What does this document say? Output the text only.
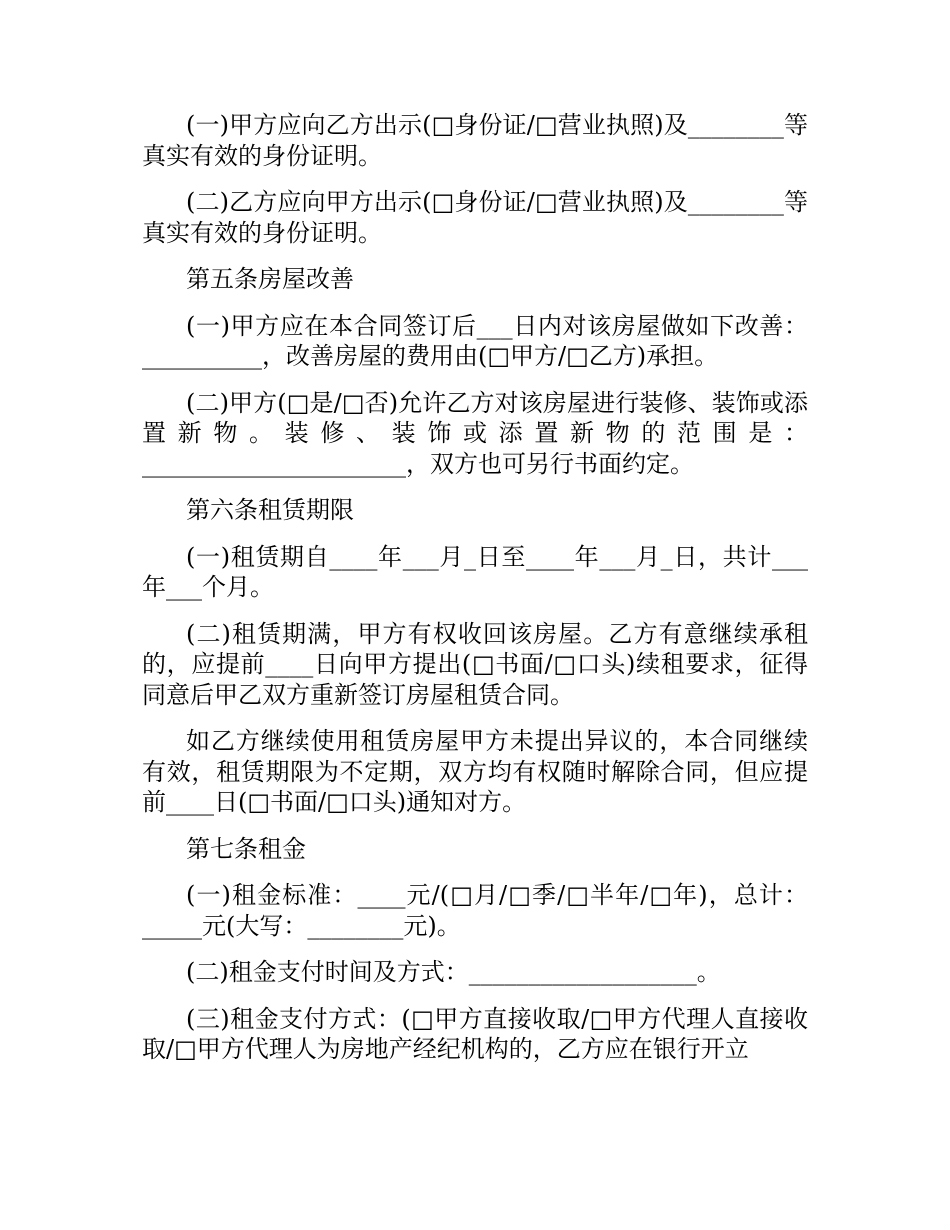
(一)甲方应向乙方出示(□身份证/□营业执照)及________等真实有效的身份证明。

(二)乙方应向甲方出示(□身份证/□营业执照)及________等真实有效的身份证明。

第五条房屋改善

(一)甲方应在本合同签订后___日内对该房屋做如下改善：__________，改善房屋的费用由(□甲方/□乙方)承担。

(二)甲方(□是/□否)允许乙方对该房屋进行装修、装饰或添置新物。装修、装饰或添置新物的范围是：______________________，双方也可另行书面约定。

第六条租赁期限

(一)租赁期自____年___月_日至____年___月_日，共计___年___个月。

(二)租赁期满，甲方有权收回该房屋。乙方有意继续承租的，应提前____日向甲方提出(□书面/□口头)续租要求，征得同意后甲乙双方重新签订房屋租赁合同。

如乙方继续使用租赁房屋甲方未提出异议的，本合同继续有效，租赁期限为不定期，双方均有权随时解除合同，但应提前____日(□书面/□口头)通知对方。

第七条租金

(一)租金标准：____元/(□月/□季/□半年/□年)，总计：_____元(大写：________元)。

(二)租金支付时间及方式：___________________。

(三)租金支付方式：(□甲方直接收取/□甲方代理人直接收取/□甲方代理人为房地产经纪机构的，乙方应在银行开立
